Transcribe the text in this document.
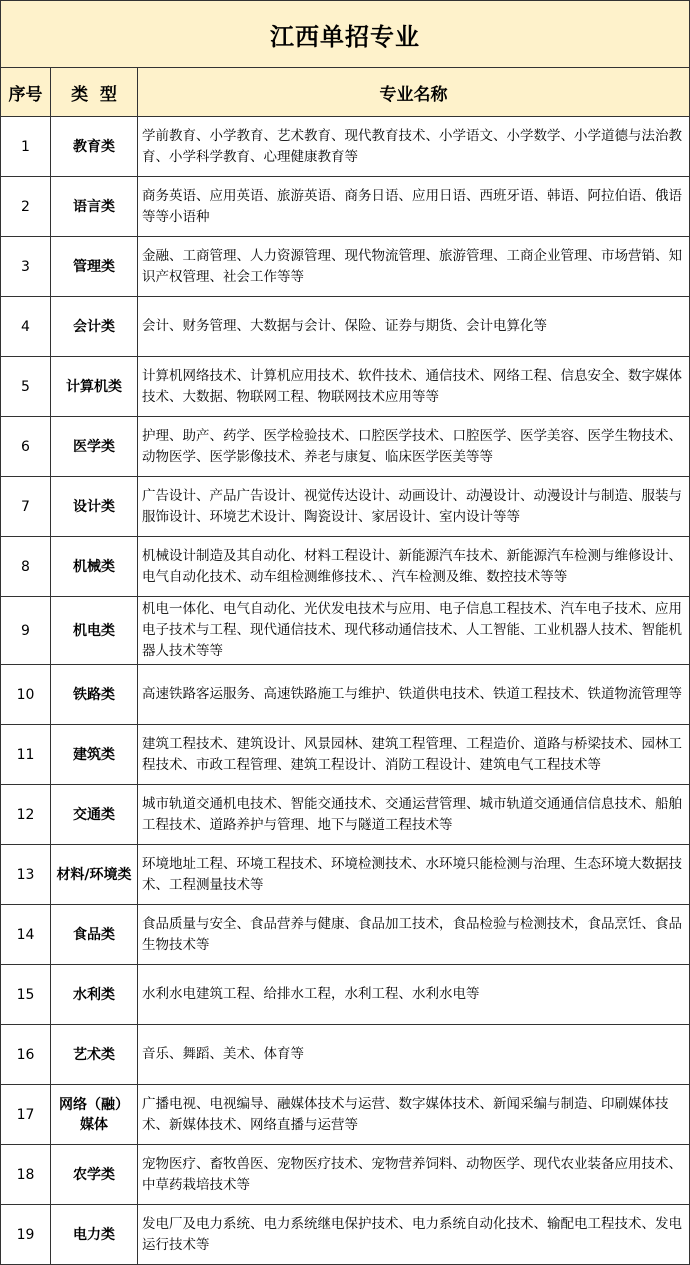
江西单招专业		
序号	类  型	专业名称
1	教育类	学前教育、小学教育、艺术教育、现代教育技术、小学语文、小学数学、小学道德与法治教育、小学科学教育、心理健康教育等
2	语言类	商务英语、应用英语、旅游英语、商务日语、应用日语、西班牙语、韩语、阿拉伯语、俄语等等小语种
3	管理类	金融、工商管理、人力资源管理、现代物流管理、旅游管理、工商企业管理、市场营销、知识产权管理、社会工作等等
4	会计类	会计、财务管理、大数据与会计、保险、证券与期货、会计电算化等
5	计算机类	计算机网络技术、计算机应用技术、软件技术、通信技术、网络工程、信息安全、数字媒体技术、大数据、物联网工程、物联网技术应用等等
6	医学类	护理、助产、药学、医学检验技术、口腔医学技术、口腔医学、医学美容、医学生物技术、动物医学、医学影像技术、养老与康复、临床医学医美等等
7	设计类	广告设计、产品广告设计、视觉传达设计、动画设计、动漫设计、动漫设计与制造、服装与服饰设计、环境艺术设计、陶瓷设计、家居设计、室内设计等等
8	机械类	机械设计制造及其自动化、材料工程设计、新能源汽车技术、新能源汽车检测与维修设计、电气自动化技术、动车组检测维修技术、、汽车检测及维、数控技术等等
9	机电类	机电一体化、电气自动化、光伏发电技术与应用、电子信息工程技术、汽车电子技术、应用电子技术与工程、现代通信技术、现代移动通信技术、人工智能、工业机器人技术、智能机器人技术等等
10	铁路类	高速铁路客运服务、高速铁路施工与维护、铁道供电技术、铁道工程技术、铁道物流管理等
11	建筑类	建筑工程技术、建筑设计、风景园林、建筑工程管理、工程造价、道路与桥梁技术、园林工程技术、市政工程管理、建筑工程设计、消防工程设计、建筑电气工程技术等
12	交通类	城市轨道交通机电技术、智能交通技术、交通运营管理、城市轨道交通通信信息技术、船舶工程技术、道路养护与管理、地下与隧道工程技术等
13	材料/环境类	环境地址工程、环境工程技术、环境检测技术、水环境只能检测与治理、生态环境大数据技术、工程测量技术等
14	食品类	食品质量与安全、食品营养与健康、食品加工技术，食品检验与检测技术，食品烹饪、食品生物技术等
15	水利类	水利水电建筑工程、给排水工程，水利工程、水利水电等
16	艺术类	音乐、舞蹈、美术、体育等
17	网络（融）媒体	广播电视、电视编导、融媒体技术与运营、数字媒体技术、新闻采编与制造、印刷媒体技术、新媒体技术、网络直播与运营等
18	农学类	宠物医疗、畜牧兽医、宠物医疗技术、宠物营养饲料、动物医学、现代农业装备应用技术、中草药栽培技术等
19	电力类	发电厂及电力系统、电力系统继电保护技术、电力系统自动化技术、输配电工程技术、发电运行技术等
